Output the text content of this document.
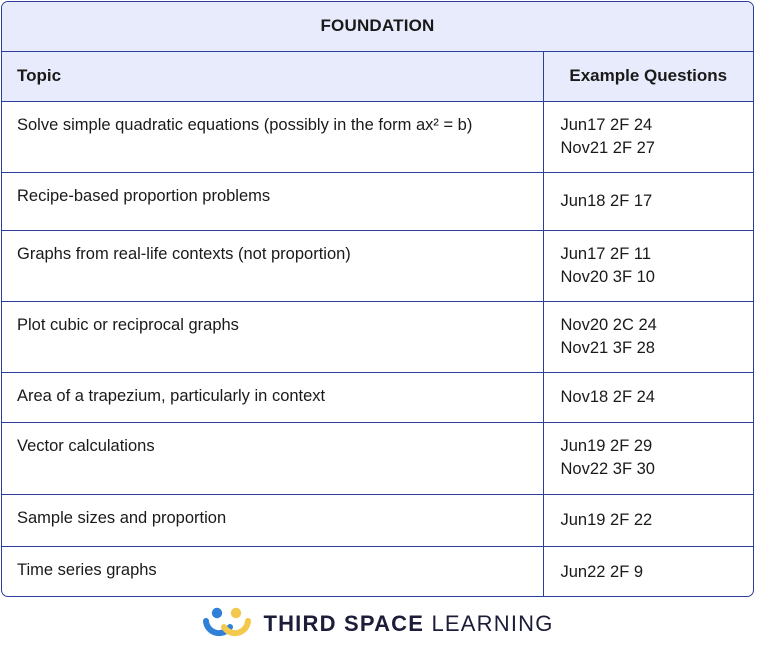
FOUNDATION	
Topic	Example Questions
Solve simple quadratic equations (possibly in the form ax² = b)	Jun17 2F 24
Nov21 2F 27

Recipe-based proportion problems	Jun18 2F 17

Graphs from real-life contexts (not proportion)	Jun17 2F 11
Nov20 3F 10

Plot cubic or reciprocal graphs	Nov20 2C 24
Nov21 3F 28

Area of a trapezium, particularly in context	Nov18 2F 24

Vector calculations	Jun19 2F 29
Nov22 3F 30

Sample sizes and proportion	Jun19 2F 22

Time series graphs	Jun22 2F 9
THIRD SPACE LEARNING
